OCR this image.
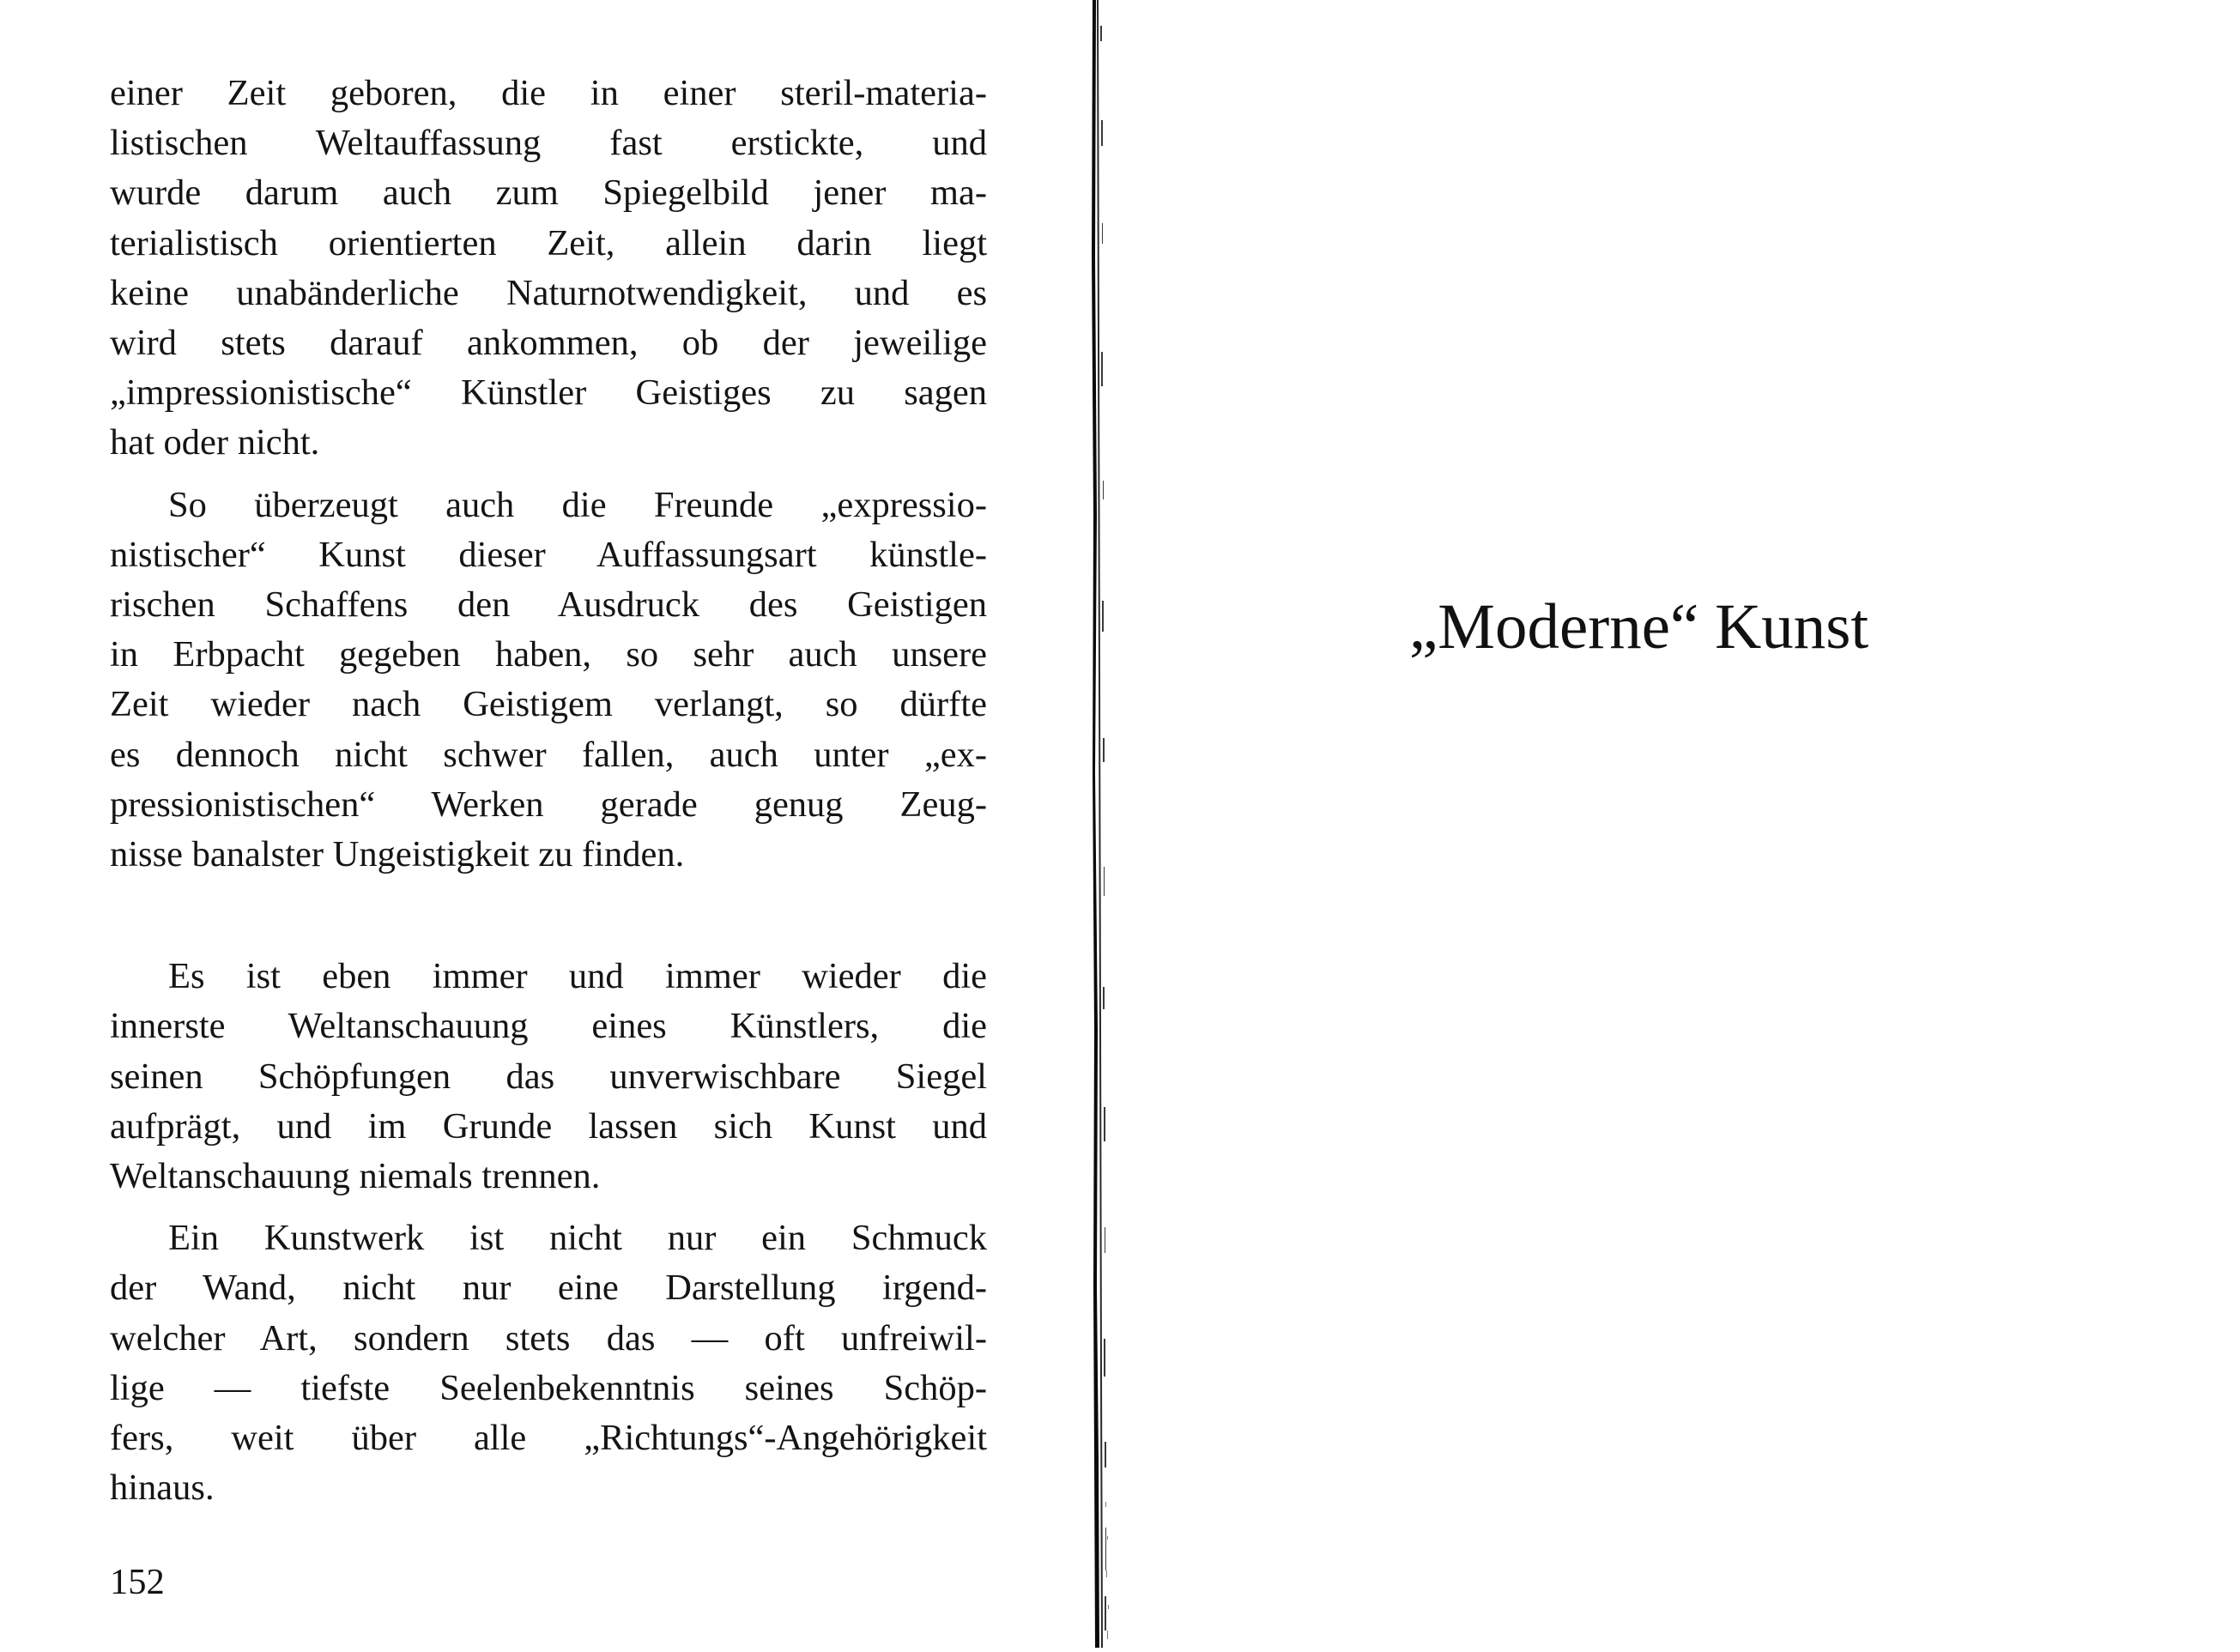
einer Zeit geboren, die in einer steril-materia-

listischen Weltauffassung fast erstickte, und

wurde darum auch zum Spiegelbild jener ma-

terialistisch orientierten Zeit, allein darin liegt

keine unabänderliche Naturnotwendigkeit, und es

wird stets darauf ankommen, ob der jeweilige

„impressionistische“ Künstler Geistiges zu sagen

hat oder nicht.

So überzeugt auch die Freunde „expressio-

nistischer“ Kunst dieser Auffassungsart künstle-

rischen Schaffens den Ausdruck des Geistigen

in Erbpacht gegeben haben, so sehr auch unsere

Zeit wieder nach Geistigem verlangt, so dürfte

es dennoch nicht schwer fallen, auch unter „ex-

pressionistischen“ Werken gerade genug Zeug-

nisse banalster Ungeistigkeit zu finden.

Es ist eben immer und immer wieder die

innerste Weltanschauung eines Künstlers, die

seinen Schöpfungen das unverwischbare Siegel

aufprägt, und im Grunde lassen sich Kunst und

Weltanschauung niemals trennen.

Ein Kunstwerk ist nicht nur ein Schmuck

der Wand, nicht nur eine Darstellung irgend-

welcher Art, sondern stets das — oft unfreiwil-

lige — tiefste Seelenbekenntnis seines Schöp-

fers, weit über alle „Richtungs“-Angehörigkeit

hinaus.

152
„Moderne“ Kunst
